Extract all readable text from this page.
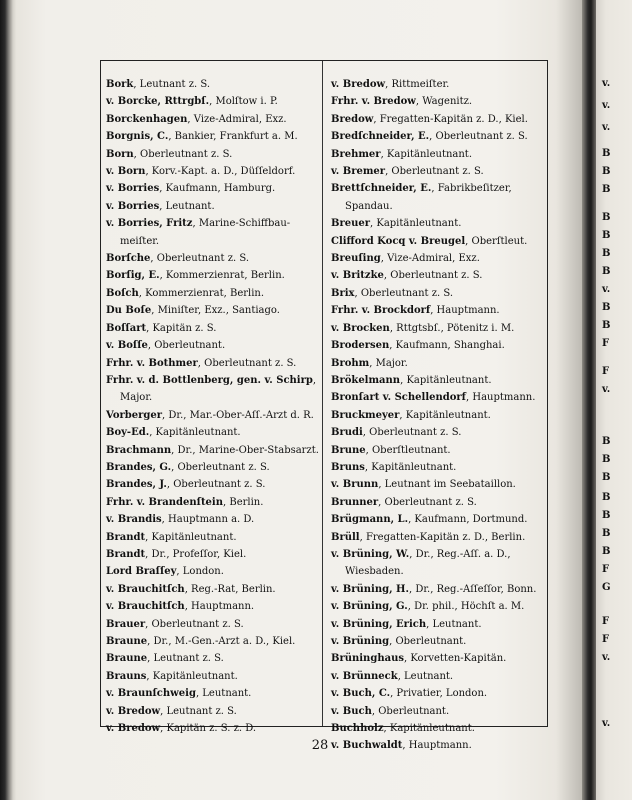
Bork, Leutnant z. S.
v. Borcke, Rttrgbſ., Molſtow i. P.
Borckenhagen, Vize-Admiral, Exz.
Borgnis, C., Bankier, Frankfurt a. M.
Born, Oberleutnant z. S.
v. Born, Korv.-Kapt. a. D., Düſſeldorf.
v. Borries, Kaufmann, Hamburg.
v. Borries, Leutnant.
v. Borries, Fritz, Marine-Schiffbau-meiſter.
Borſche, Oberleutnant z. S.
Borſig, E., Kommerzienrat, Berlin.
Boſch, Kommerzienrat, Berlin.
Du Boſe, Miniſter, Exz., Santiago.
Boſſart, Kapitän z. S.
v. Boſſe, Oberleutnant.
Frhr. v. Bothmer, Oberleutnant z. S.
Frhr. v. d. Bottlenberg, gen. v. Schirp, Major.
Vorberger, Dr., Mar.-Ober-Aſſ.-Arzt d. R.
Boy-Ed., Kapitänleutnant.
Brachmann, Dr., Marine-Ober-Stabsarzt.
Brandes, G., Oberleutnant z. S.
Brandes, J., Oberleutnant z. S.
Frhr. v. Brandenſtein, Berlin.
v. Brandis, Hauptmann a. D.
Brandt, Kapitänleutnant.
Brandt, Dr., Profeſſor, Kiel.
Lord Braſſey, London.
v. Brauchitſch, Reg.-Rat, Berlin.
v. Brauchitſch, Hauptmann.
Brauer, Oberleutnant z. S.
Braune, Dr., M.-Gen.-Arzt a. D., Kiel.
Braune, Leutnant z. S.
Brauns, Kapitänleutnant.
v. Braunſchweig, Leutnant.
v. Bredow, Leutnant z. S.
v. Bredow, Kapitän z. S. z. D.
v. Bredow, Rittmeiſter.
Frhr. v. Bredow, Wagenitz.
Bredow, Fregatten-Kapitän z. D., Kiel.
Bredſchneider, E., Oberleutnant z. S.
Brehmer, Kapitänleutnant.
v. Bremer, Oberleutnant z. S.
Brettſchneider, E., Fabrikbeſitzer, Spandau.
Breuer, Kapitänleutnant.
Clifford Kocq v. Breugel, Oberſtleut.
Breuſing, Vize-Admiral, Exz.
v. Britzke, Oberleutnant z. S.
Brix, Oberleutnant z. S.
Frhr. v. Brockdorf, Hauptmann.
v. Brocken, Rttgtsbſ., Pötenitz i. M.
Brodersen, Kaufmann, Shanghai.
Brohm, Major.
Brökelmann, Kapitänleutnant.
Bronſart v. Schellendorf, Hauptmann.
Bruckmeyer, Kapitänleutnant.
Brudi, Oberleutnant z. S.
Brune, Oberſtleutnant.
Bruns, Kapitänleutnant.
v. Brunn, Leutnant im Seebataillon.
Brunner, Oberleutnant z. S.
Brügmann, L., Kaufmann, Dortmund.
Brüll, Fregatten-Kapitän z. D., Berlin.
v. Brüning, W., Dr., Reg.-Aſſ. a. D., Wiesbaden.
v. Brüning, H., Dr., Reg.-Aſſeſſor, Bonn.
v. Brüning, G., Dr. phil., Höchſt a. M.
v. Brüning, Erich, Leutnant.
v. Brüning, Oberleutnant.
Brüninghaus, Korvetten-Kapitän.
v. Brünneck, Leutnant.
v. Buch, C., Privatier, London.
v. Buch, Oberleutnant.
Buchholz, Kapitänleutnant.
v. Buchwaldt, Hauptmann.
28
v.
v.
v.
B
B
B
B
B
B
B
v.
B
B
F
F
v.
B
B
B
B
B
B
B
F
G
F
F
v.
v.
